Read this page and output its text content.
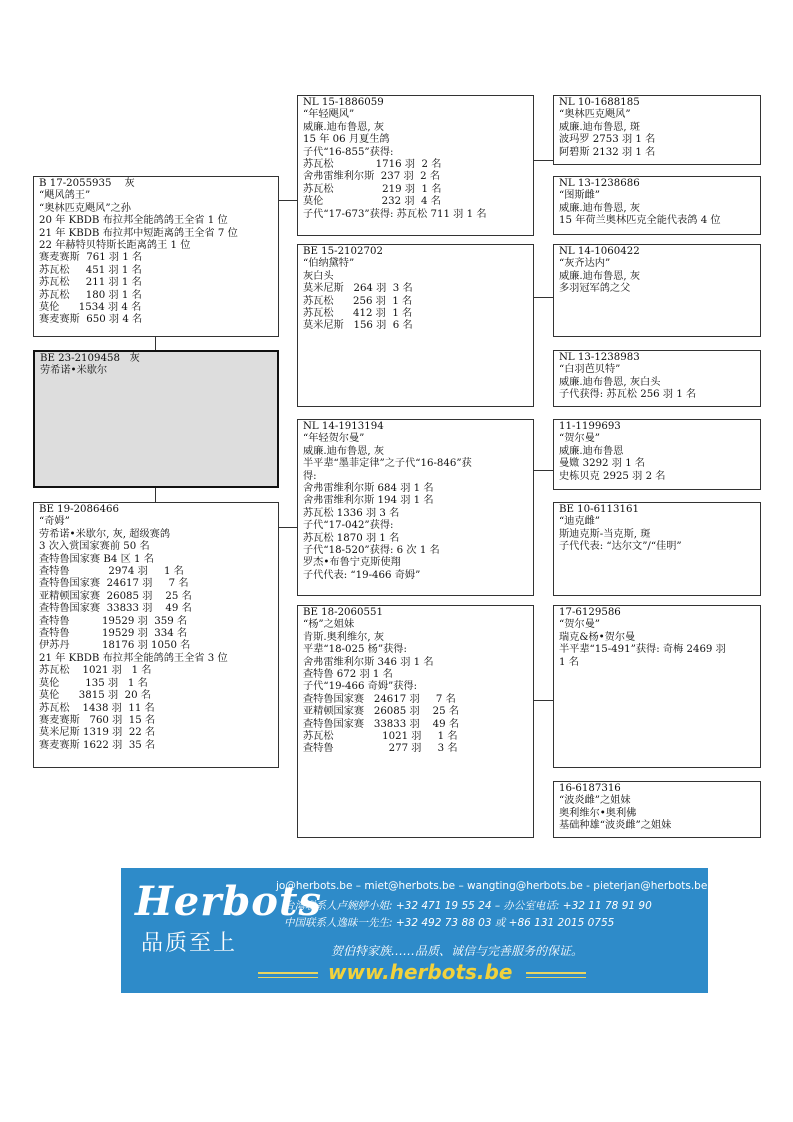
B 17-2055935    灰
“飓风鸽王”
“奥林匹克飓风”之孙
20 年 KBDB 布拉邦全能鸽鸽王全省 1 位
21 年 KBDB 布拉邦中短距离鸽王全省 7 位
22 年赫特贝特斯长距离鸽王 1 位
赛麦赛斯  761 羽 1 名
苏瓦松     451 羽 1 名
苏瓦松     211 羽 1 名
苏瓦松     180 羽 1 名
莫伦      1534 羽 4 名
赛麦赛斯  650 羽 4 名
BE 23-2109458   灰
劳希诺•米歇尔
BE 19-2086466
“奇姆”
劳希诺•米歇尔, 灰, 超级赛鸽
3 次入赏国家赛前 50 名
查特鲁国家赛 B4 区 1 名
查特鲁            2974 羽     1 名
查特鲁国家赛  24617 羽     7 名
亚精顿国家赛  26085 羽    25 名
查特鲁国家赛  33833 羽    49 名
查特鲁          19529 羽  359 名
查特鲁          19529 羽  334 名
伊苏丹          18176 羽 1050 名
21 年 KBDB 布拉邦全能鸽鸽王全省 3 位
苏瓦松    1021 羽   1 名
莫伦        135 羽   1 名
莫伦      3815 羽  20 名
苏瓦松    1438 羽  11 名
赛麦赛斯   760 羽  15 名
莫米尼斯 1319 羽  22 名
赛麦赛斯 1622 羽  35 名
NL 15-1886059
“年轻飓风”
威廉.迪布鲁恩, 灰
15 年 06 月夏生鸽
子代“16-855”获得:
苏瓦松             1716 羽  2 名
舍弗雷维利尔斯  237 羽  2 名
苏瓦松               219 羽  1 名
莫伦                  232 羽  4 名
子代“17-673”获得: 苏瓦松 711 羽 1 名
BE 15-2102702
“伯纳黛特”
灰白头
莫米尼斯   264 羽  3 名
苏瓦松      256 羽  1 名
苏瓦松      412 羽  1 名
莫米尼斯   156 羽  6 名
NL 14-1913194
“年轻贺尔曼”
威廉.迪布鲁恩, 灰
半平辈“墨菲定律”之子代“16-846”获
得:
舍弗雷维利尔斯 684 羽 1 名
舍弗雷维利尔斯 194 羽 1 名
苏瓦松 1336 羽 3 名
子代“17-042”获得:
苏瓦松 1870 羽 1 名
子代“18-520”获得: 6 次 1 名
罗杰•布鲁宁克斯使翔
子代代表: “19-466 奇姆”
BE 18-2060551
“杨”之姐妹
肯斯.奥利维尔, 灰
平辈“18-025 杨”获得:
舍弗雷维利尔斯 346 羽 1 名
查特鲁 672 羽 1 名
子代“19-466 奇姆”获得:
查特鲁国家赛   24617 羽     7 名
亚精顿国家赛   26085 羽    25 名
查特鲁国家赛   33833 羽    49 名
苏瓦松               1021 羽     1 名
查特鲁                 277 羽     3 名
NL 10-1688185
“奥林匹克飓风”
威廉.迪布鲁恩, 斑
波玛罗 2753 羽 1 名
阿碧斯 2132 羽 1 名
NL 13-1238686
“图斯雌”
威廉.迪布鲁恩, 灰
15 年荷兰奥林匹克全能代表鸽 4 位
NL 14-1060422
“灰齐达内”
威廉.迪布鲁恩, 灰
多羽冠军鸽之父
NL 13-1238983
“白羽芭贝特”
威廉.迪布鲁恩, 灰白头
子代获得: 苏瓦松 256 羽 1 名
11-1199693
“贺尔曼”
威廉.迪布鲁恩
曼媺 3292 羽 1 名
史栋贝克 2925 羽 2 名
BE 10-6113161
“迪克雌”
斯迪克斯-当克斯, 斑
子代代表: “达尔文”/“佳明”
17-6129586
“贺尔曼”
瑞克&杨•贺尔曼
半平辈“15-491”获得: 奇梅 2469 羽
1 名
16-6187316
“波炎雌”之姐妹
奥利维尔•奥利佛
基础种雄“波炎雌”之姐妹
Herbots
品质至上
jo@herbots.be – miet@herbots.be – wangting@herbots.be - pieterjan@herbots.be
台湾联系人卢婉婷小姐: +32 471 19 55 24 – 办公室电话: +32 11 78 91 90
中国联系人逸昧一先生: +32 492 73 88 03 或 +86 131 2015 0755
贺伯特家族……品质、诚信与完善服务的保证。
www.herbots.be
